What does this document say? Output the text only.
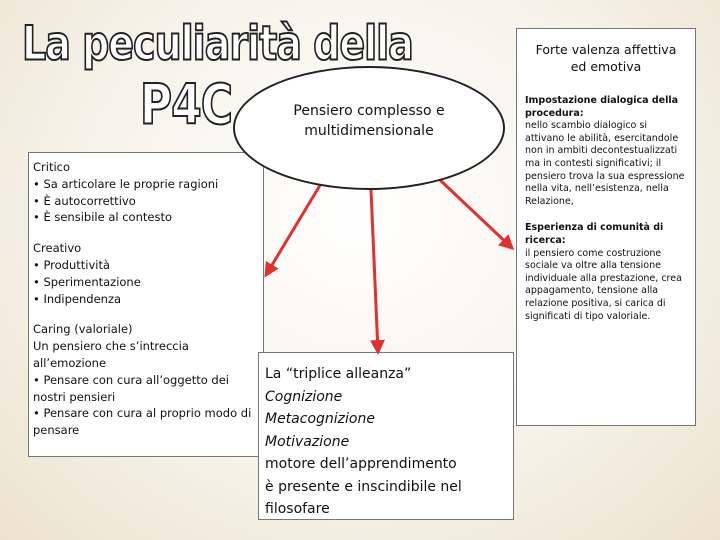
La peculiarità della
P4C

Critico
• Sa articolare le proprie ragioni
• È autocorrettivo
• È sensibile al contesto

Creativo
• Produttività
• Sperimentazione
• Indipendenza

Caring (valoriale)
Un pensiero che s’intreccia
all’emozione
• Pensare con cura all’oggetto dei
nostri pensieri
• Pensare con cura al proprio modo di
pensare

La “triplice alleanza”
Cognizione
Metacognizione
Motivazione
motore dell’apprendimento
è presente e inscindibile nel
filosofare
Forte valenza affettiva
ed emotiva

Impostazione dialogica della procedura:
nello scambio dialogico si attivano le abilità, esercitandole non in ambiti decontestualizzati ma in contesti significativi; il pensiero trova la sua espressione nella vita, nell’esistenza, nella Relazione,

Esperienza di comunità di ricerca:
il pensiero come costruzione sociale va oltre alla tensione individuale alla prestazione, crea appagamento, tensione alla relazione positiva, si carica di significati di tipo valoriale.

Pensiero complesso e
multidimensionale
